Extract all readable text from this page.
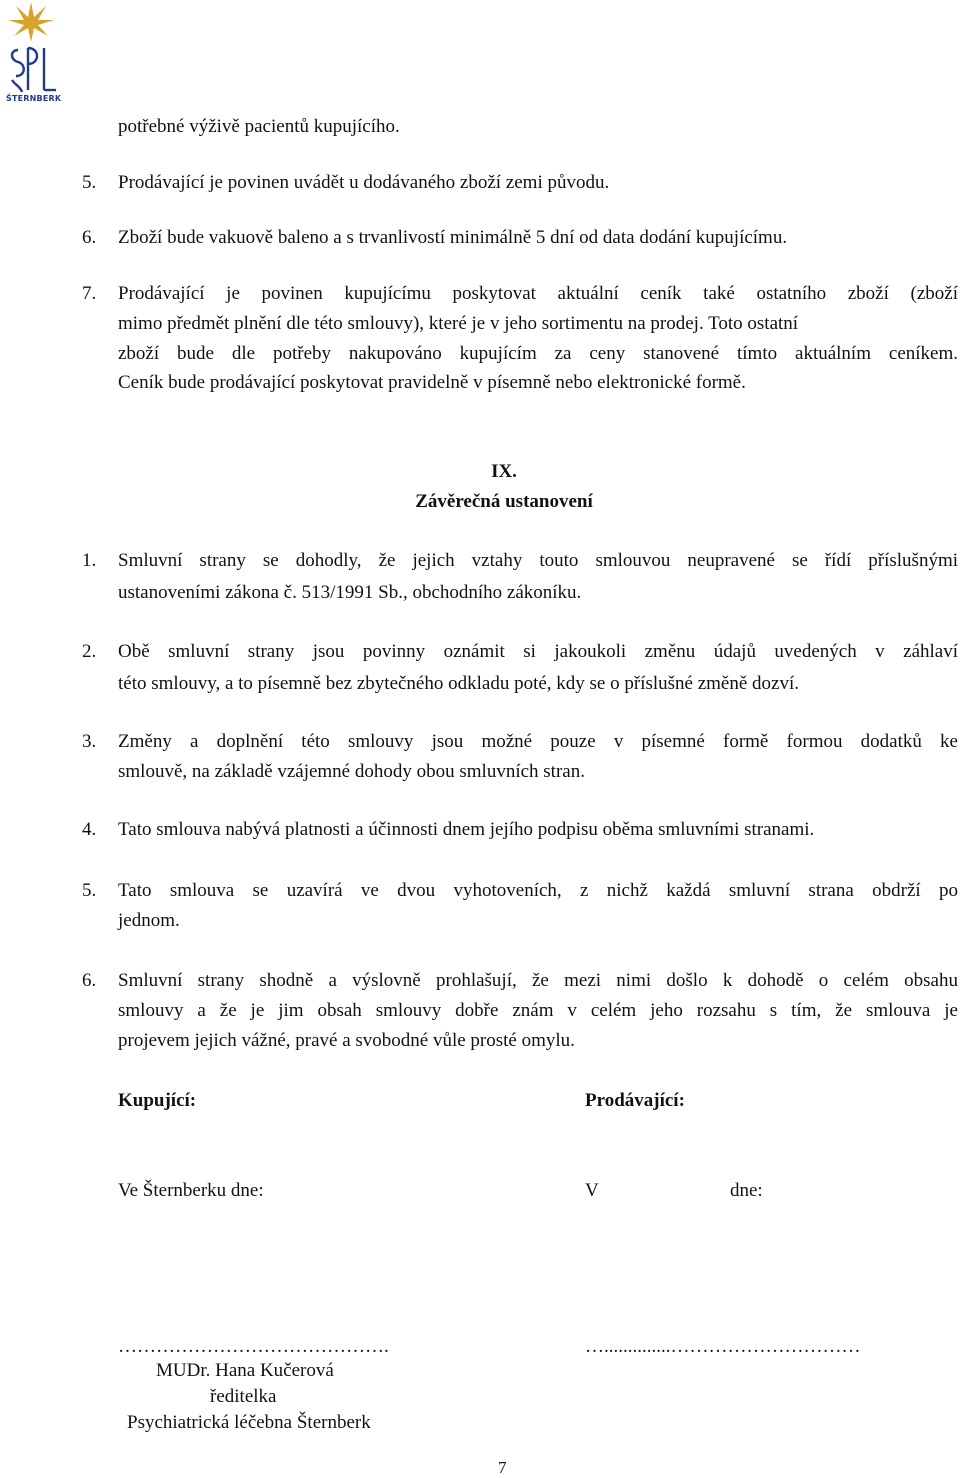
ŠTERNBERK
potřebné výživě pacientů kupujícího.
5. Prodávající je povinen uvádět u dodávaného zboží zemi původu.
6. Zboží bude vakuově baleno a s trvanlivostí minimálně 5 dní od data dodání kupujícímu.
7. Prodávající je povinen kupujícímu poskytovat aktuální ceník také ostatního zboží (zboží
mimo předmět plnění dle této smlouvy), které je v jeho sortimentu na prodej. Toto ostatní
zboží bude dle potřeby nakupováno kupujícím za ceny stanovené tímto aktuálním ceníkem.
Ceník bude prodávající poskytovat pravidelně v písemně nebo elektronické formě.
IX.
Závěrečná ustanovení
1. Smluvní strany se dohodly, že jejich vztahy touto smlouvou neupravené se řídí příslušnými
ustanoveními zákona č. 513/1991 Sb., obchodního zákoníku.
2. Obě smluvní strany jsou povinny oznámit si jakoukoli změnu údajů uvedených v záhlaví
této smlouvy, a to písemně bez zbytečného odkladu poté, kdy se o příslušné změně dozví.
3. Změny a doplnění této smlouvy jsou možné pouze v písemné formě formou dodatků ke
smlouvě, na základě vzájemné dohody obou smluvních stran.
4. Tato smlouva nabývá platnosti a účinnosti dnem jejího podpisu oběma smluvními stranami.
5. Tato smlouva se uzavírá ve dvou vyhotoveních, z nichž každá smluvní strana obdrží po
jednom.
6. Smluvní strany shodně a výslovně prohlašují, že mezi nimi došlo k dohodě o celém obsahu
smlouvy a že je jim obsah smlouvy dobře znám v celém jeho rozsahu s tím, že smlouva je
projevem jejich vážné, pravé a svobodné vůle prosté omylu.
Kupující:	Prodávající:
Ve Šternberku dne:	V	dne:
…………………………………….	…..............…………………………
MUDr. Hana Kučerová
ředitelka
Psychiatrická léčebna Šternberk
7
